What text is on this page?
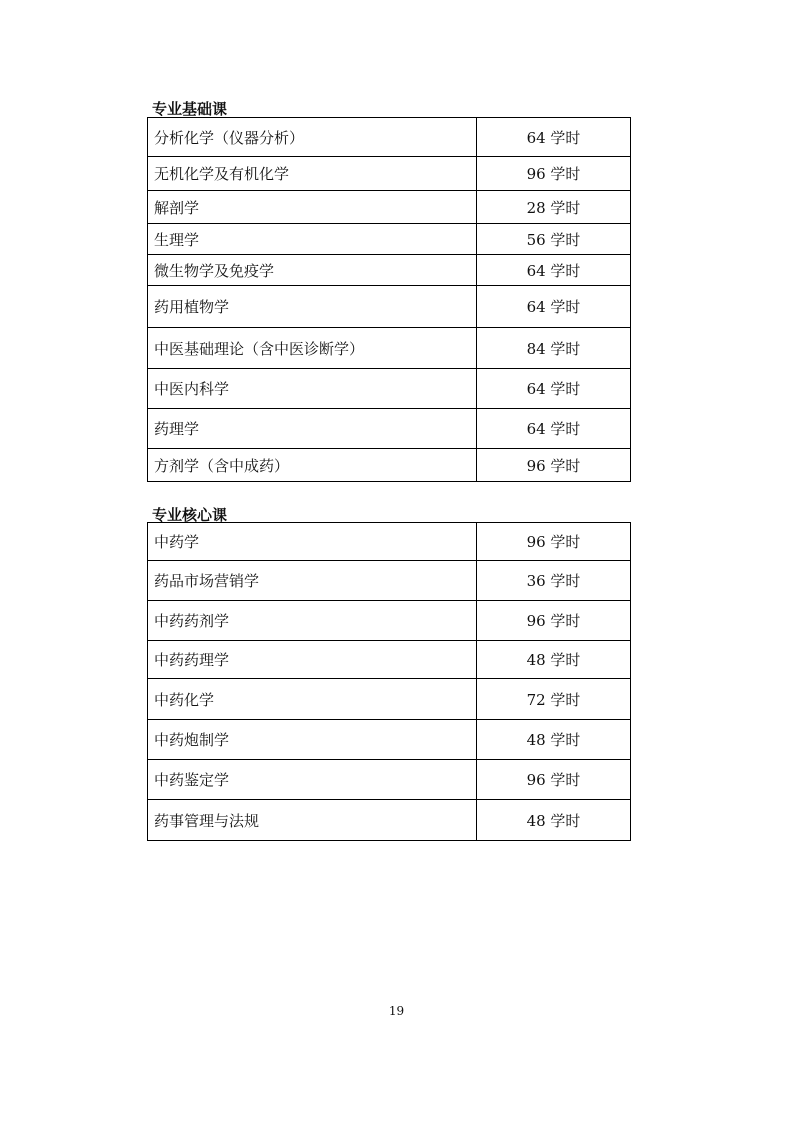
专业基础课
分析化学（仪器分析）	64 学时
无机化学及有机化学	96 学时
解剖学	28 学时
生理学	56 学时
微生物学及免疫学	64 学时
药用植物学	64 学时
中医基础理论（含中医诊断学）	84 学时
中医内科学	64 学时
药理学	64 学时
方剂学（含中成药）	96 学时
专业核心课
中药学	96 学时
药品市场营销学	36 学时
中药药剂学	96 学时
中药药理学	48 学时
中药化学	72 学时
中药炮制学	48 学时
中药鉴定学	96 学时
药事管理与法规	48 学时
19
